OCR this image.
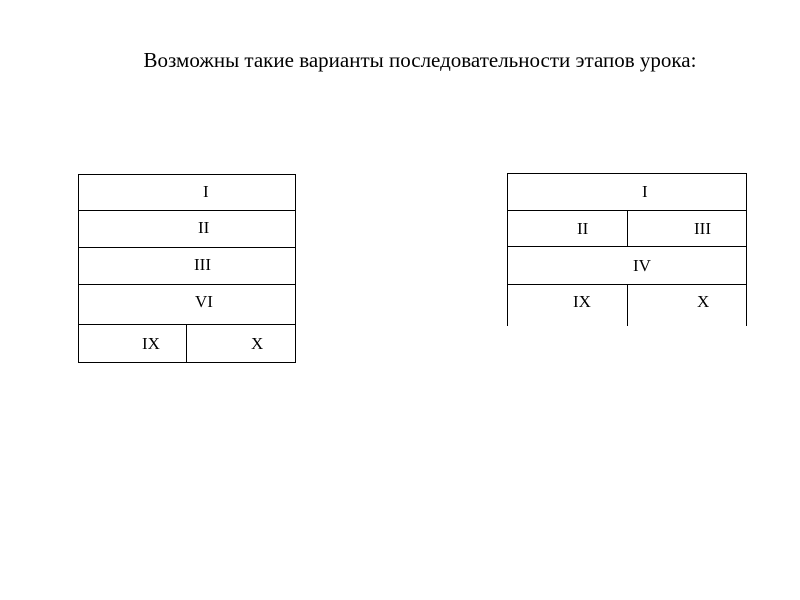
Возможны такие варианты последовательности этапов урока:
I
II
III
VI
IX	X
I
II	III
IV
IX	X
